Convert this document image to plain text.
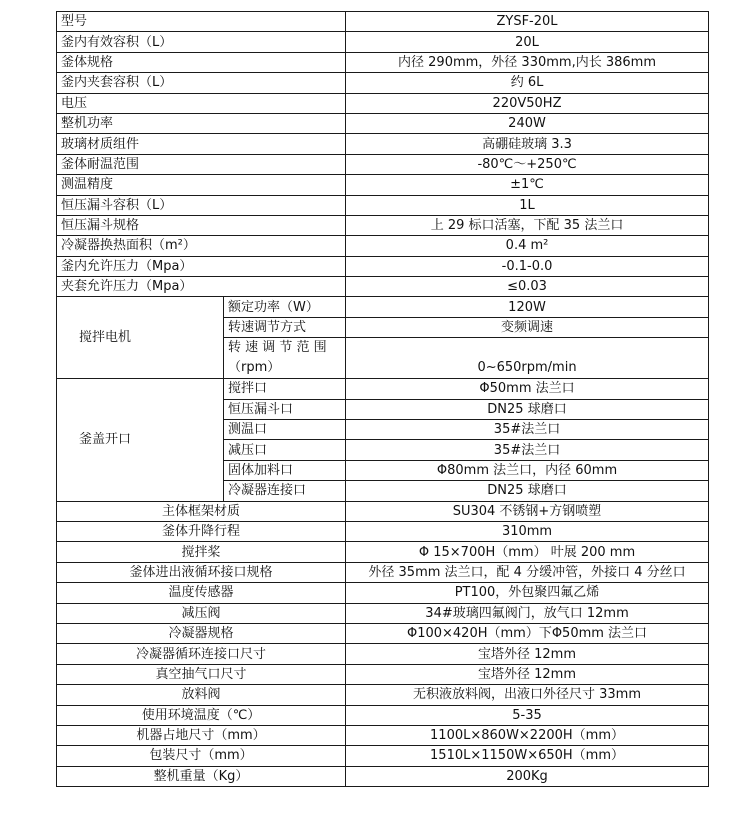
型号		ZYSF-20L
釜内有效容积（L）		20L
釜体规格		内径 290mm，外径 330mm,内长 386mm
釜内夹套容积（L）		约 6L
电压		220V50HZ
整机功率		240W
玻璃材质组件		高硼硅玻璃 3.3
釜体耐温范围		-80℃～+250℃
测温精度		±1℃
恒压漏斗容积（L）		1L
恒压漏斗规格		上 29 标口活塞，下配 35 法兰口
冷凝器换热面积（m²）		0.4 m²
釜内允许压力（Mpa）		-0.1-0.0
夹套允许压力（Mpa）		≤0.03
搅拌电机	额定功率（W）	120W
	转速调节方式	变频调速
	转 速 调 节 范 围 （rpm）	0~650rpm/min
釜盖开口	搅拌口	Φ50mm 法兰口
	恒压漏斗口	DN25 球磨口
	测温口	35#法兰口
	减压口	35#法兰口
	固体加料口	Φ80mm 法兰口，内径 60mm
	冷凝器连接口	DN25 球磨口
主体框架材质		SU304 不锈钢+方钢喷塑
釜体升降行程		310mm
搅拌桨		Φ 15×700H（mm） 叶展 200 mm
釜体进出液循环接口规格		外径 35mm 法兰口，配 4 分缓冲管，外接口 4 分丝口
温度传感器		PT100，外包聚四氟乙烯
减压阀		34#玻璃四氟阀门，放气口 12mm
冷凝器规格		Φ100×420H（mm）下Φ50mm 法兰口
冷凝器循环连接口尺寸		宝塔外径 12mm
真空抽气口尺寸		宝塔外径 12mm
放料阀		无积液放料阀，出液口外径尺寸 33mm
使用环境温度（℃）		5-35
机器占地尺寸（mm）		1100L×860W×2200H（mm）
包装尺寸（mm）		1510L×1150W×650H（mm）
整机重量（Kg）		200Kg
